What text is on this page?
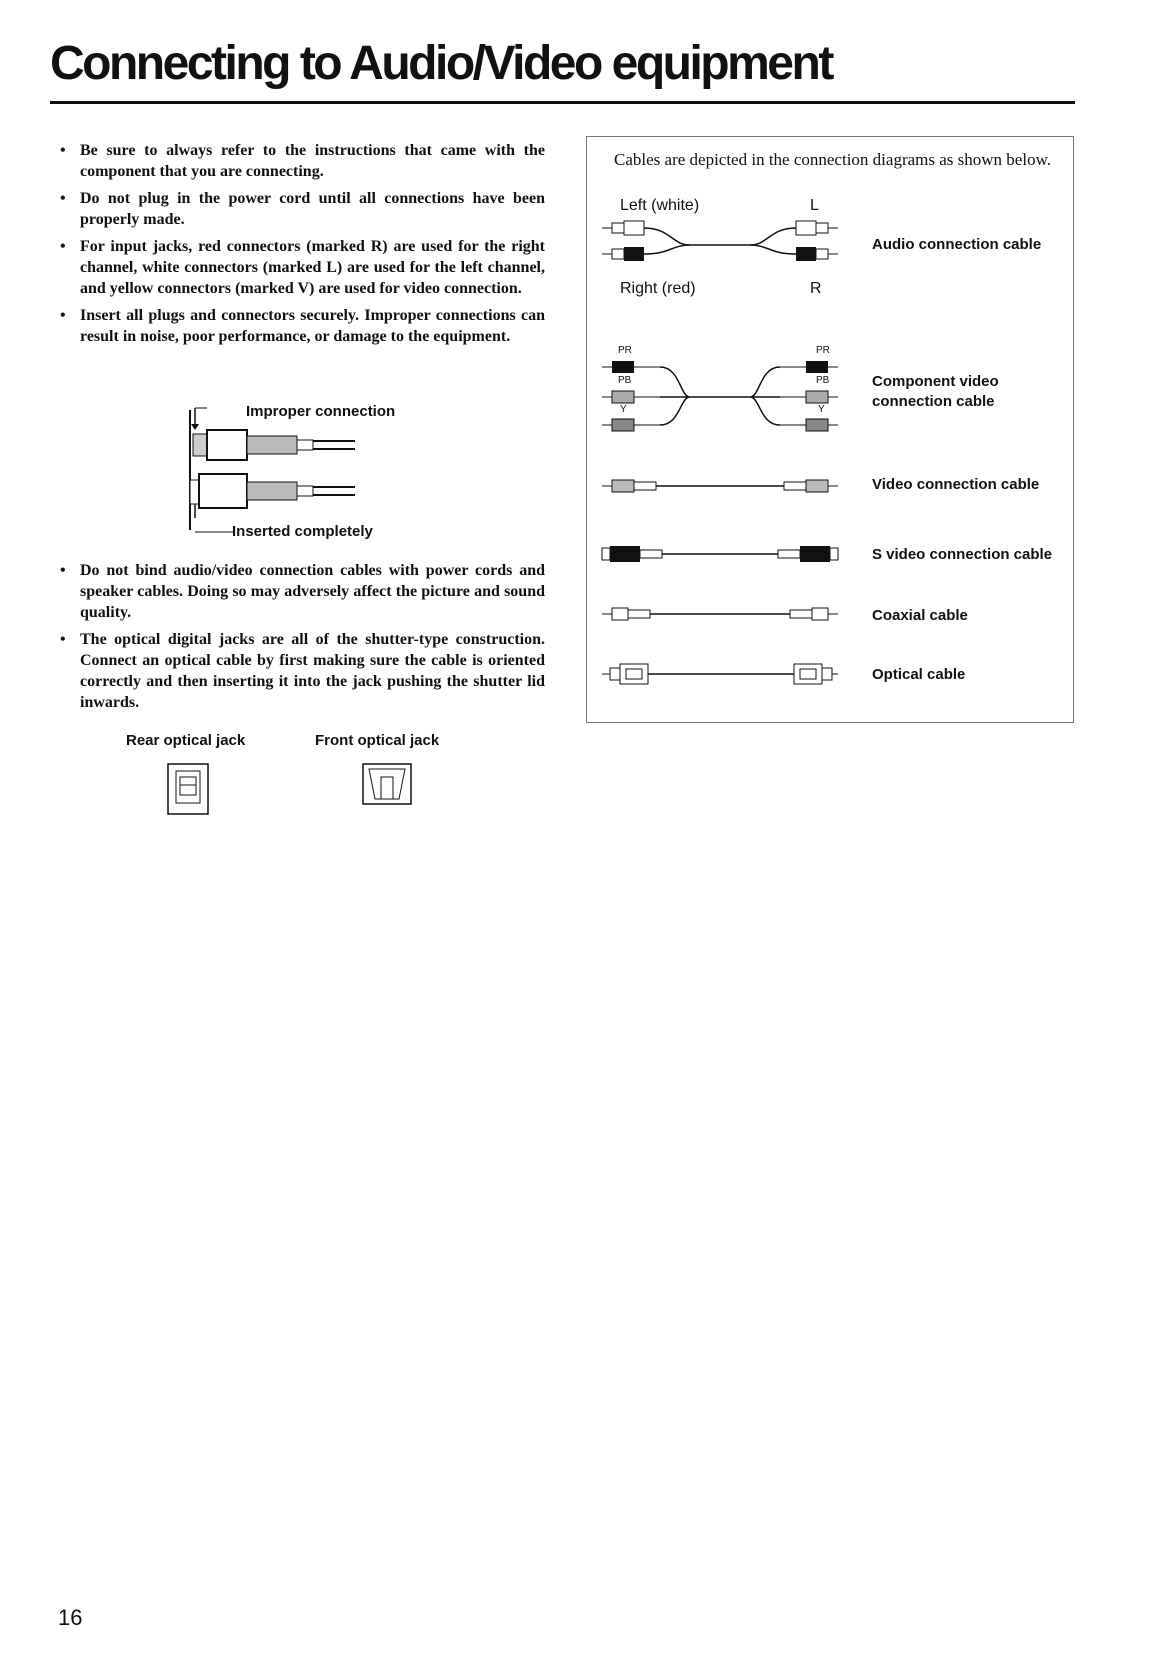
Connecting to Audio/Video equipment
• Be sure to always refer to the instructions that came with the component that you are connecting.
• Do not plug in the power cord until all connections have been properly made.
• For input jacks, red connectors (marked R) are used for the right channel, white connectors (marked L) are used for the left channel, and yellow connectors (marked V) are used for video connection.
• Insert all plugs and connectors securely. Improper connections can result in noise, poor performance, or damage to the equipment.
Improper connection
Inserted completely
• Do not bind audio/video connection cables with power cords and speaker cables. Doing so may adversely affect the picture and sound quality.
• The optical digital jacks are all of the shutter-type construction. Connect an optical cable by first making sure the cable is oriented correctly and then inserting it into the jack pushing the shutter lid inwards.
Rear optical jack	Front optical jack
Cables are depicted in the connection diagrams as shown below.
Left (white)	L
Right (red)	R
Audio connection cable
PR	PR
PB	PB
Y	Y
Component video
connection cable
Video connection cable
S video connection cable
Coaxial cable
Optical cable
16
